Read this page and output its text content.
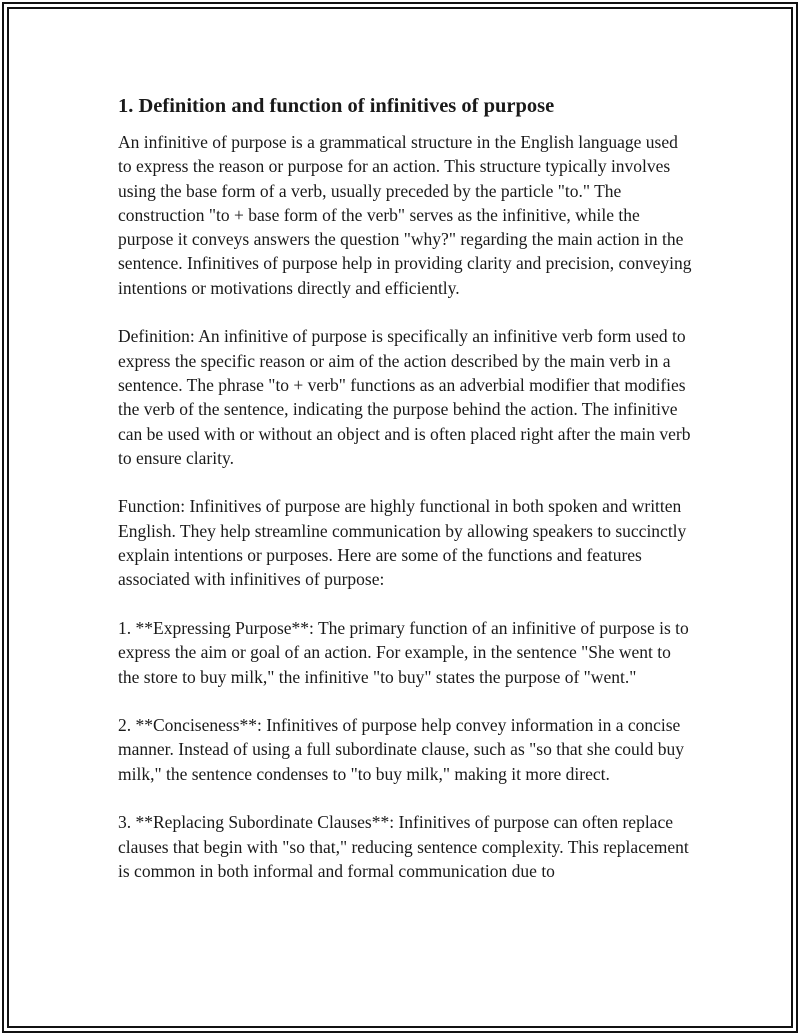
1. Definition and function of infinitives of purpose

An infinitive of purpose is a grammatical structure in the English language used to express the reason or purpose for an action. This structure typically involves using the base form of a verb, usually preceded by the particle "to." The construction "to + base form of the verb" serves as the infinitive, while the purpose it conveys answers the question "why?" regarding the main action in the sentence. Infinitives of purpose help in providing clarity and precision, conveying intentions or motivations directly and efficiently.

Definition: An infinitive of purpose is specifically an infinitive verb form used to express the specific reason or aim of the action described by the main verb in a sentence. The phrase "to + verb" functions as an adverbial modifier that modifies the verb of the sentence, indicating the purpose behind the action. The infinitive can be used with or without an object and is often placed right after the main verb to ensure clarity.

Function: Infinitives of purpose are highly functional in both spoken and written English. They help streamline communication by allowing speakers to succinctly explain intentions or purposes. Here are some of the functions and features associated with infinitives of purpose:

1. **Expressing Purpose**: The primary function of an infinitive of purpose is to express the aim or goal of an action. For example, in the sentence "She went to the store to buy milk," the infinitive "to buy" states the purpose of "went."

2. **Conciseness**: Infinitives of purpose help convey information in a concise manner. Instead of using a full subordinate clause, such as "so that she could buy milk," the sentence condenses to "to buy milk," making it more direct.

3. **Replacing Subordinate Clauses**: Infinitives of purpose can often replace clauses that begin with "so that," reducing sentence complexity. This replacement is common in both informal and formal communication due to
